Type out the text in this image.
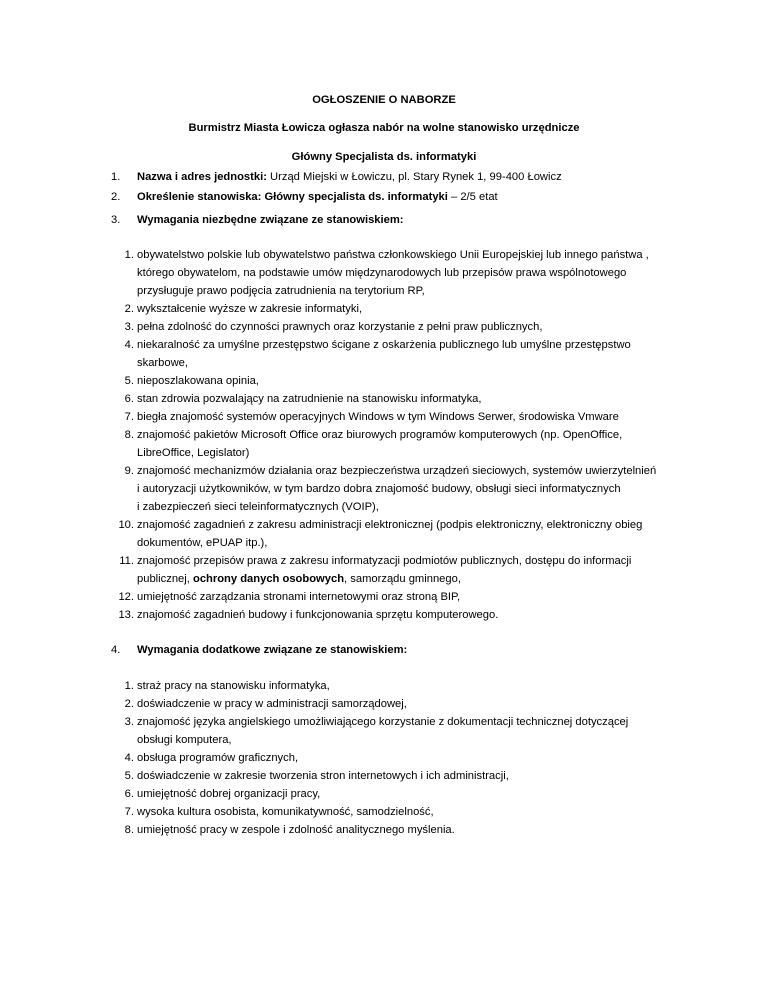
OGŁOSZENIE O NABORZE
Burmistrz Miasta Łowicza ogłasza nabór na wolne stanowisko urzędnicze
Główny Specjalista ds. informatyki
1.	Nazwa i adres jednostki: Urząd Miejski w Łowiczu, pl. Stary Rynek 1, 99-400 Łowicz
2.	Określenie stanowiska: Główny specjalista ds. informatyki – 2/5 etat
3.	Wymagania niezbędne związane ze stanowiskiem:
1. obywatelstwo polskie lub obywatelstwo państwa członkowskiego Unii Europejskiej lub innego państwa ,
którego obywatelom, na podstawie umów międzynarodowych lub przepisów prawa wspólnotowego
przysługuje prawo podjęcia zatrudnienia na terytorium RP,
2. wykształcenie wyższe w zakresie informatyki,
3. pełna zdolność do czynności prawnych oraz korzystanie z pełni praw publicznych,
4. niekaralność za umyślne przestępstwo ścigane z oskarżenia publicznego lub umyślne przestępstwo
skarbowe,
5. nieposzlakowana opinia,
6. stan zdrowia pozwalający na zatrudnienie na stanowisku informatyka,
7. biegła znajomość systemów operacyjnych Windows w tym Windows Serwer, środowiska Vmware
8. znajomość pakietów Microsoft Office oraz biurowych programów komputerowych (np. OpenOffice,
LibreOffice, Legislator)
9. znajomość mechanizmów działania oraz bezpieczeństwa urządzeń sieciowych, systemów uwierzytelnień
i autoryzacji użytkowników, w tym bardzo dobra znajomość budowy, obsługi sieci informatycznych
i zabezpieczeń sieci teleinformatycznych (VOIP),
10. znajomość zagadnień z zakresu administracji elektronicznej (podpis elektroniczny, elektroniczny obieg
dokumentów, ePUAP itp.),
11. znajomość przepisów prawa z zakresu informatyzacji podmiotów publicznych, dostępu do informacji
publicznej, ochrony danych osobowych, samorządu gminnego,
12. umiejętność zarządzania stronami internetowymi oraz stroną BIP,
13. znajomość zagadnień budowy i funkcjonowania sprzętu komputerowego.
4.	Wymagania dodatkowe związane ze stanowiskiem:
1. straż pracy na stanowisku informatyka,
2. doświadczenie w pracy w administracji samorządowej,
3. znajomość języka angielskiego umożliwiającego korzystanie z dokumentacji technicznej dotyczącej
obsługi komputera,
4. obsługa programów graficznych,
5. doświadczenie w zakresie tworzenia stron internetowych i ich administracji,
6. umiejętność dobrej organizacji pracy,
7. wysoka kultura osobista, komunikatywność, samodzielność,
8. umiejętność pracy w zespole i zdolność analitycznego myślenia.
